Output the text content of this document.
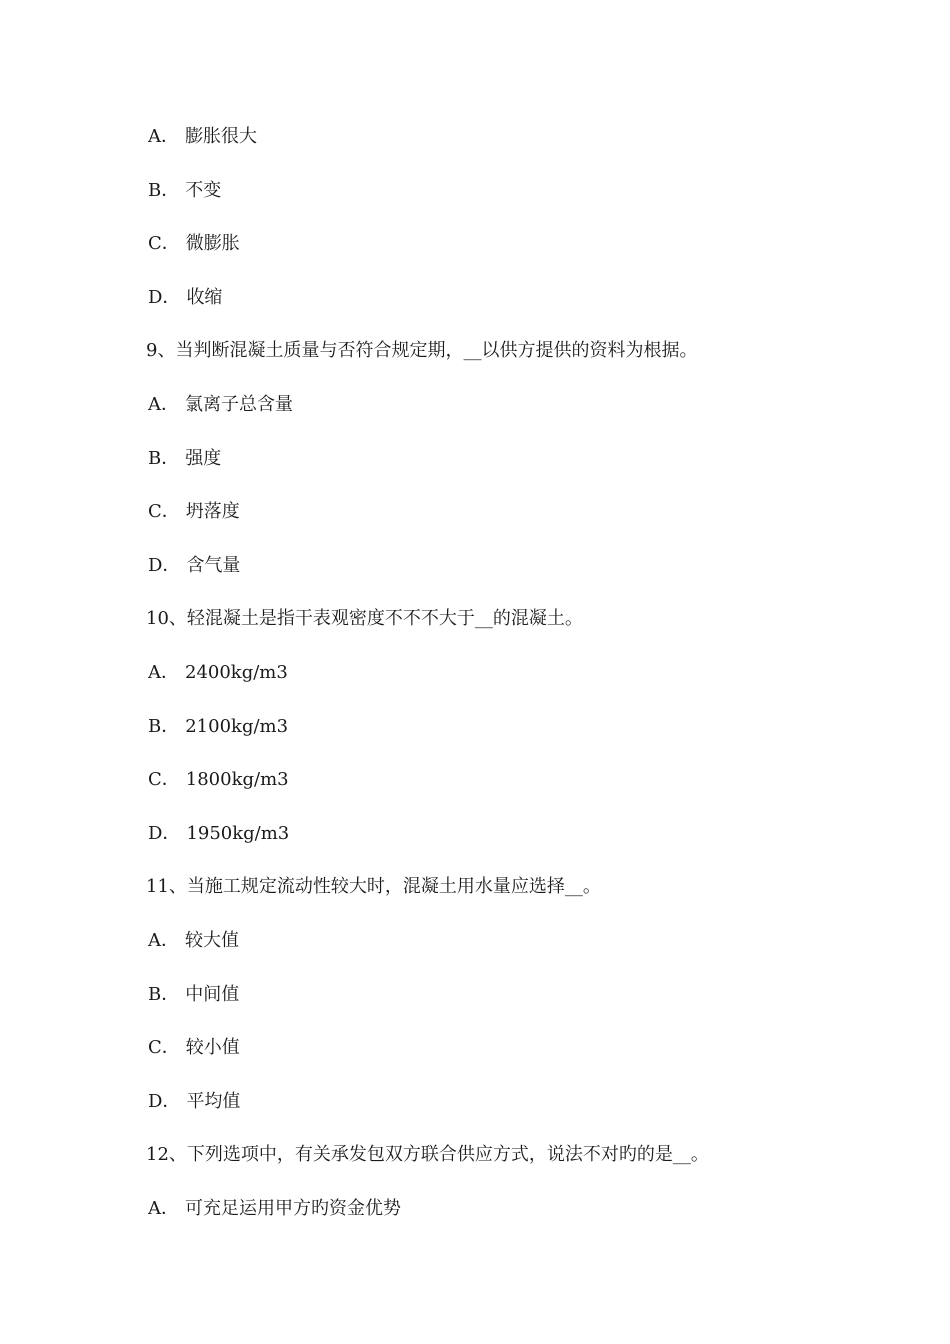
A． 膨胀很大
B． 不变
C． 微膨胀
D． 收缩
9、当判断混凝土质量与否符合规定期，__以供方提供的资料为根据。
A． 氯离子总含量
B． 强度
C． 坍落度
D． 含气量
10、轻混凝土是指干表观密度不不不大于__的混凝土。
A． 2400kg/m3
B． 2100kg/m3
C． 1800kg/m3
D． 1950kg/m3
11、当施工规定流动性较大时，混凝土用水量应选择__。
A． 较大值
B． 中间值
C． 较小值
D． 平均值
12、下列选项中，有关承发包双方联合供应方式，说法不对旳的是__。
A． 可充足运用甲方旳资金优势
